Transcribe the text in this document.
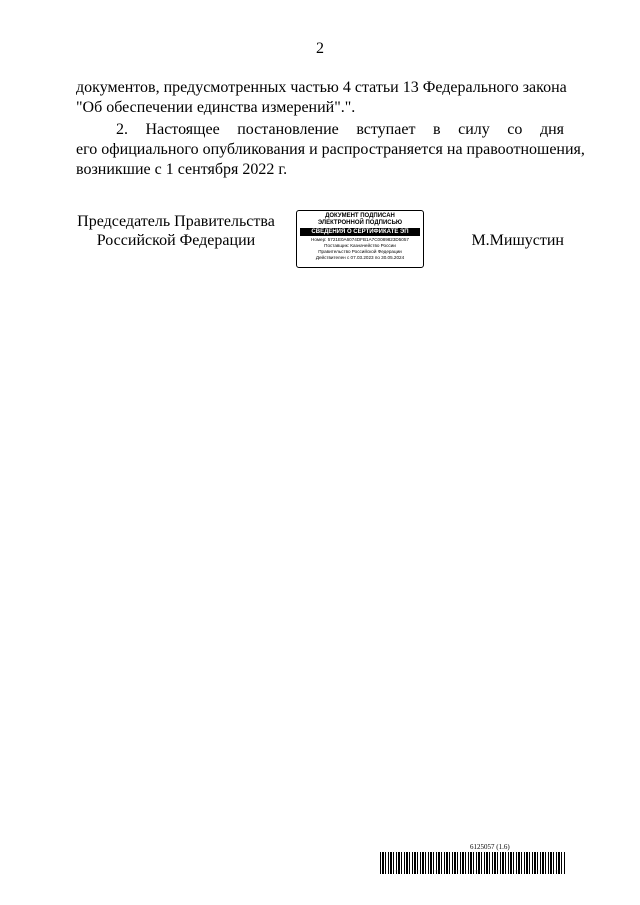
2
документов, предусмотренных частью 4 статьи 13 Федерального закона
"Об обеспечении единства измерений".".
2. Настоящее постановление вступает в силу со дня
его официального опубликования и распространяется на правоотношения,
возникшие с 1 сентября 2022 г.
Председатель Правительства
Российской Федерации
ДОКУМЕНТ ПОДПИСАН
ЭЛЕКТРОННОЙ ПОДПИСЬЮ
СВЕДЕНИЯ О СЕРТИФИКАТЕ ЭП
Номер: 5721E0A6074DFB1A7C0089823D5057
Поставщик: Казначейство России
Правительство Российской Федерации
Действителен с 07.03.2023 по 30.05.2024
М.Мишустин
6125057 (1.6)
